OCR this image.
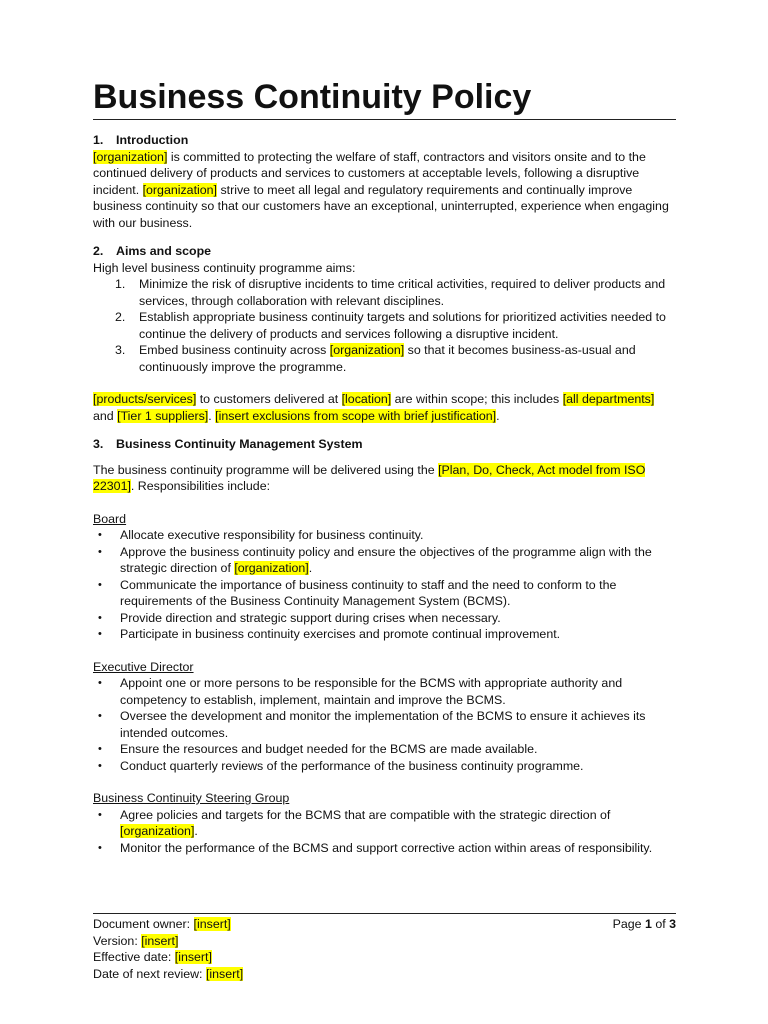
Business Continuity Policy
1.	Introduction

[organization] is committed to protecting the welfare of staff, contractors and visitors onsite and to the continued delivery of products and services to customers at acceptable levels, following a disruptive incident. [organization] strive to meet all legal and regulatory requirements and continually improve business continuity so that our customers have an exceptional, uninterrupted, experience when engaging with our business.

2.	Aims and scope

High level business continuity programme aims:

1. Minimize the risk of disruptive incidents to time critical activities, required to deliver products and services, through collaboration with relevant disciplines.
2. Establish appropriate business continuity targets and solutions for prioritized activities needed to continue the delivery of products and services following a disruptive incident.
3. Embed business continuity across [organization] so that it becomes business-as-usual and continuously improve the programme.

[products/services] to customers delivered at [location] are within scope; this includes [all departments] and [Tier 1 suppliers]. [insert exclusions from scope with brief justification].

3.	Business Continuity Management System

The business continuity programme will be delivered using the [Plan, Do, Check, Act model from ISO 22301]. Responsibilities include:

Board

• Allocate executive responsibility for business continuity.
• Approve the business continuity policy and ensure the objectives of the programme align with the strategic direction of [organization].
• Communicate the importance of business continuity to staff and the need to conform to the requirements of the Business Continuity Management System (BCMS).
• Provide direction and strategic support during crises when necessary.
• Participate in business continuity exercises and promote continual improvement.

Executive Director

• Appoint one or more persons to be responsible for the BCMS with appropriate authority and competency to establish, implement, maintain and improve the BCMS.
• Oversee the development and monitor the implementation of the BCMS to ensure it achieves its intended outcomes.
• Ensure the resources and budget needed for the BCMS are made available.
• Conduct quarterly reviews of the performance of the business continuity programme.

Business Continuity Steering Group

• Agree policies and targets for the BCMS that are compatible with the strategic direction of [organization].
• Monitor the performance of the BCMS and support corrective action within areas of responsibility.
Document owner: [insert]	Page 1 of 3
Version: [insert]
Effective date: [insert]
Date of next review: [insert]
